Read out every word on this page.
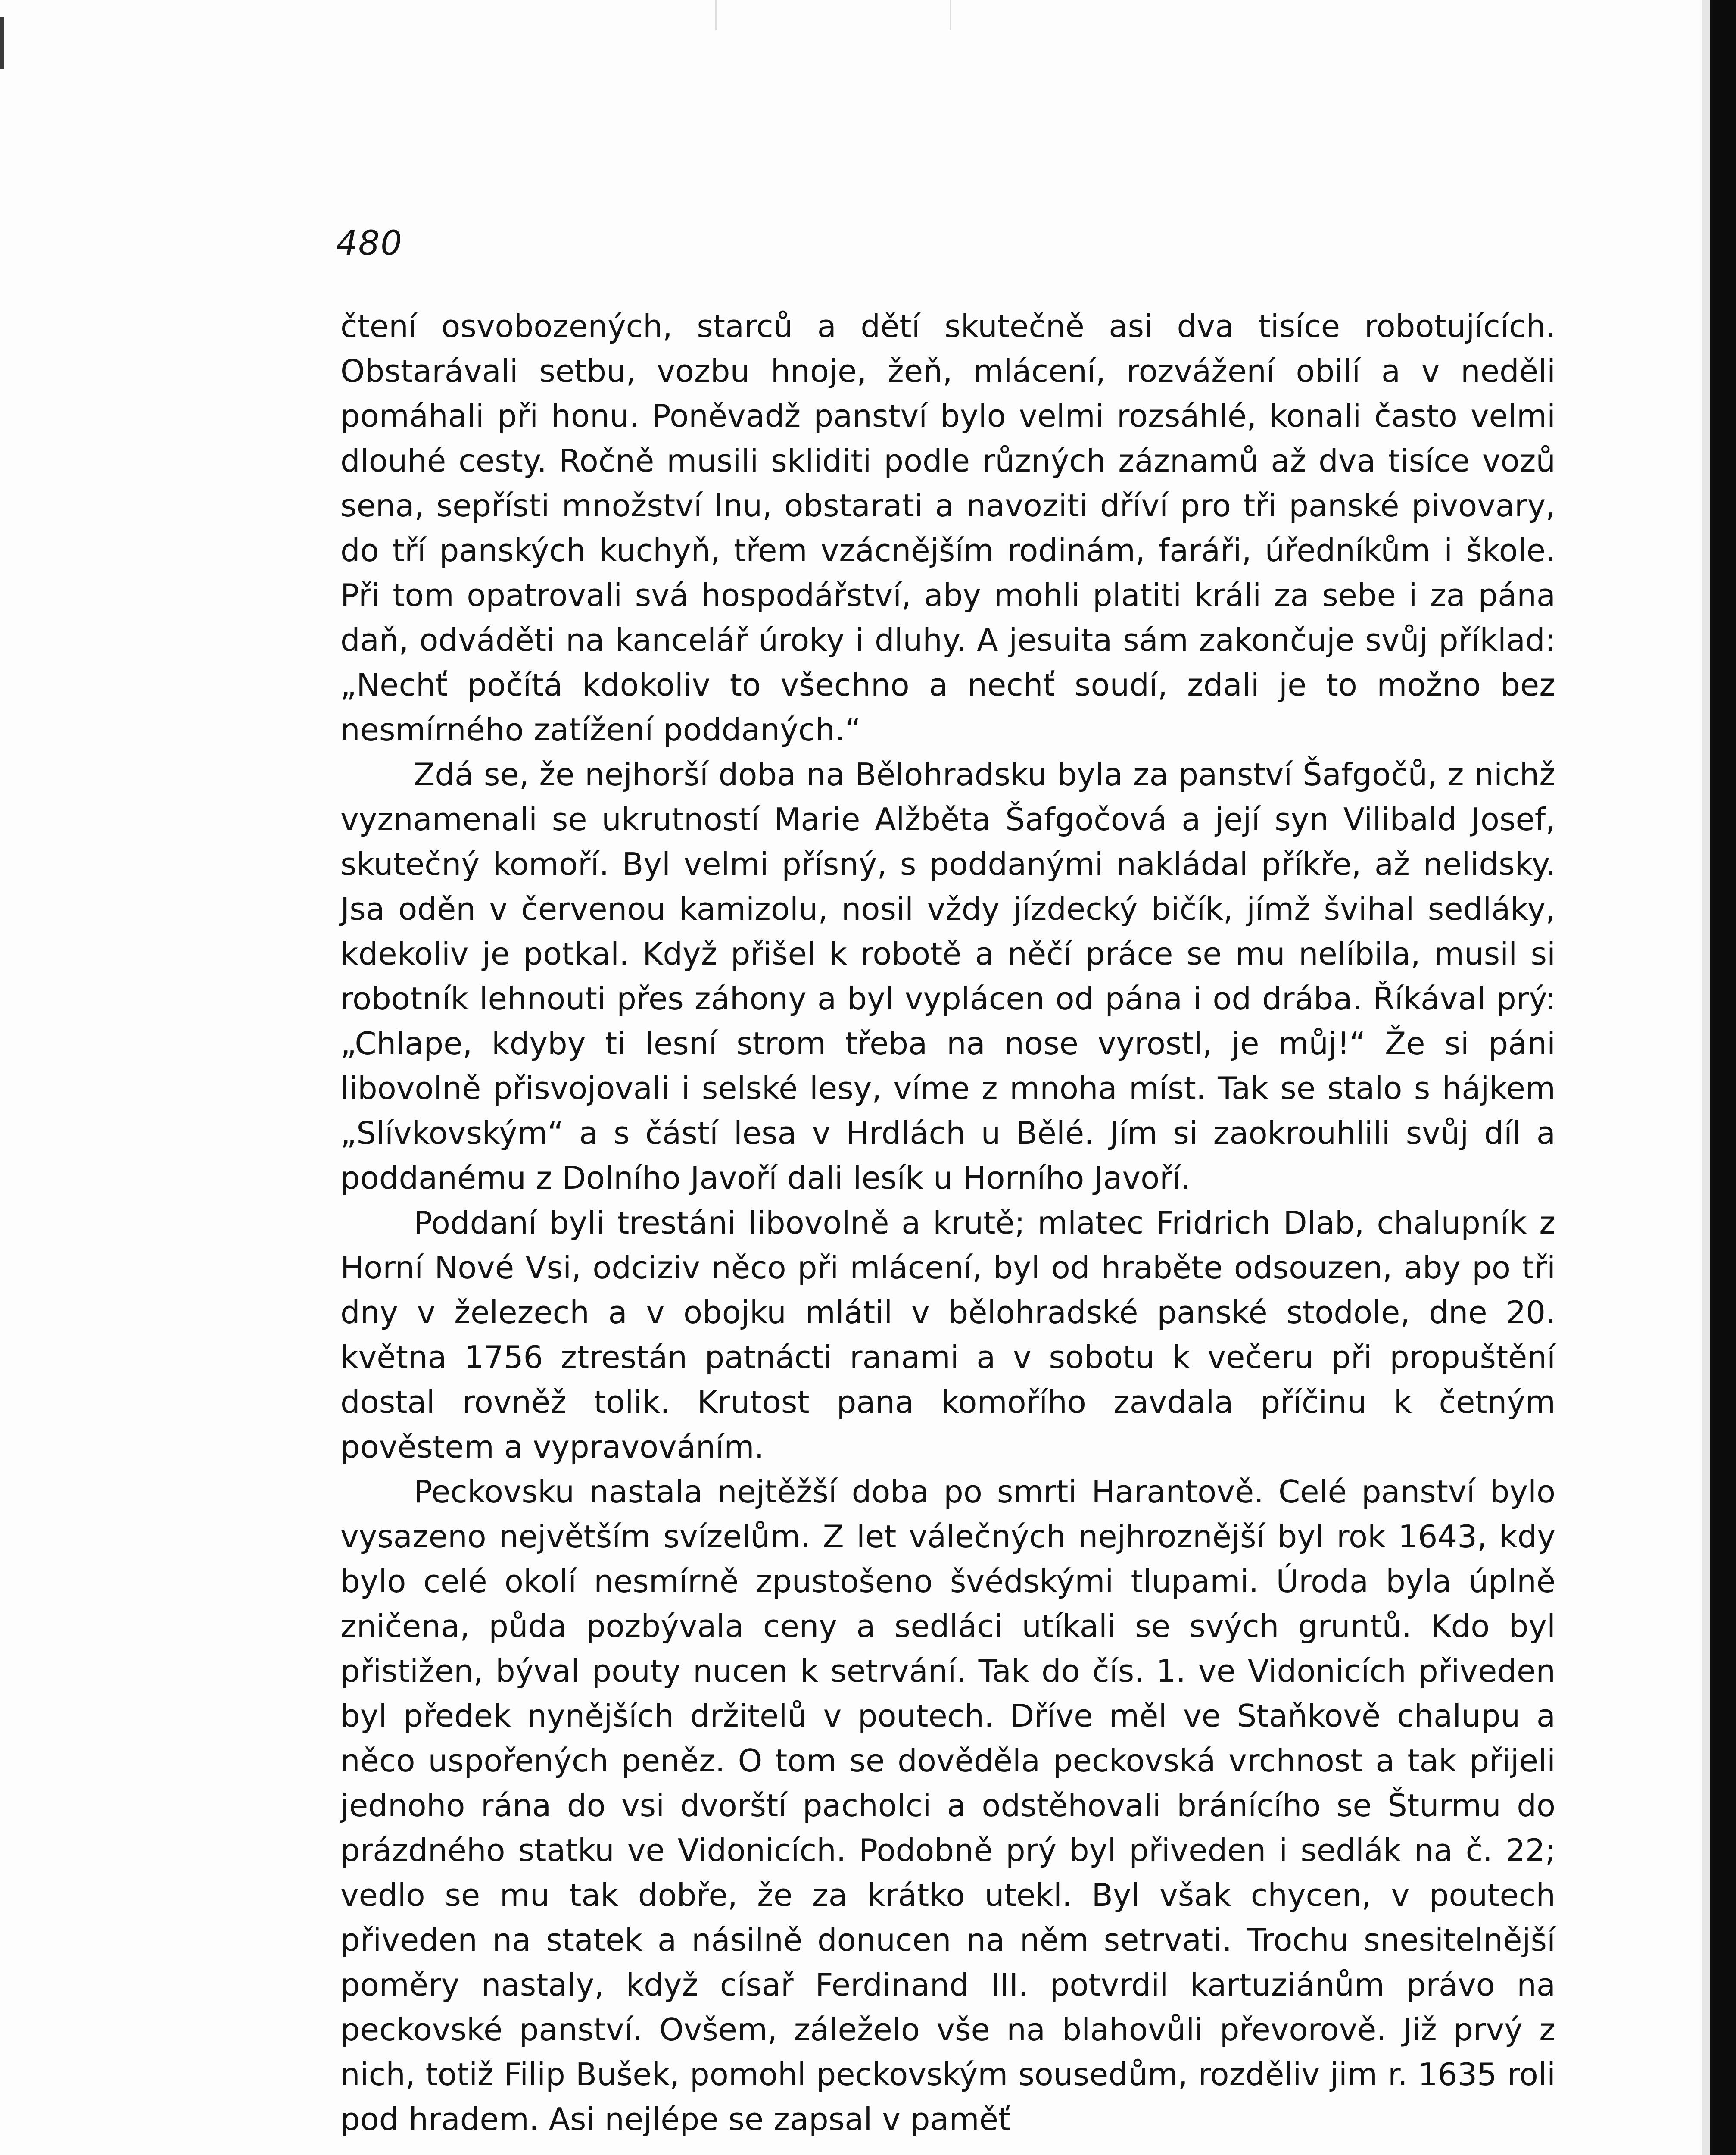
480

čtení osvobozených, starců a dětí skutečně asi dva tisíce robotujících. Obstarávali setbu, vozbu hnoje, žeň, mlácení, rozvážení obilí a v neděli pomáhali při honu. Poněvadž panství bylo velmi rozsáhlé, konali často velmi dlouhé cesty. Ročně musili skliditi podle různých záznamů až dva tisíce vozů sena, sepřísti množství lnu, obstarati a navoziti dříví pro tři panské pivovary, do tří panských kuchyň, třem vzácnějším rodinám, faráři, úředníkům i škole. Při tom opatrovali svá hospodářství, aby mohli platiti králi za sebe i za pána daň, odváděti na kancelář úroky i dluhy. A jesuita sám zakončuje svůj příklad: „Nechť počítá kdokoliv to všechno a nechť soudí, zdali je to možno bez nesmírného zatížení poddaných.“

Zdá se, že nejhorší doba na Bělohradsku byla za panství Šafgočů, z nichž vyznamenali se ukrutností Marie Alžběta Šafgočová a její syn Vilibald Josef, skutečný komoří. Byl velmi přísný, s poddanými nakládal příkře, až nelidsky. Jsa oděn v červenou kamizolu, nosil vždy jízdecký bičík, jímž švihal sedláky, kdekoliv je potkal. Když přišel k robotě a něčí práce se mu nelíbila, musil si robotník lehnouti přes záhony a byl vyplácen od pána i od drába. Říkával prý: „Chlape, kdyby ti lesní strom třeba na nose vyrostl, je můj!“ Že si páni libovolně přisvojovali i selské lesy, víme z mnoha míst. Tak se stalo s hájkem „Slívkovským“ a s částí lesa v Hrdlách u Bělé. Jím si zaokrouhlili svůj díl a poddanému z Dolního Javoří dali lesík u Horního Javoří.

Poddaní byli trestáni libovolně a krutě; mlatec Fridrich Dlab, chalupník z Horní Nové Vsi, odciziv něco při mlácení, byl od hraběte odsouzen, aby po tři dny v železech a v obojku mlátil v bělohradské panské stodole, dne 20. května 1756 ztrestán patnácti ranami a v sobotu k večeru při propuštění dostal rovněž tolik. Krutost pana komořího zavdala příčinu k četným pověstem a vypravováním.

Peckovsku nastala nejtěžší doba po smrti Harantově. Celé panství bylo vysazeno největším svízelům. Z let válečných nejhroznější byl rok 1643, kdy bylo celé okolí nesmírně zpustošeno švédskými tlupami. Úroda byla úplně zničena, půda pozbývala ceny a sedláci utíkali se svých gruntů. Kdo byl přistižen, býval pouty nucen k setrvání. Tak do čís. 1. ve Vidonicích přiveden byl předek nynějších držitelů v poutech. Dříve měl ve Staňkově chalupu a něco uspořených peněz. O tom se dověděla peckovská vrchnost a tak přijeli jednoho rána do vsi dvorští pacholci a odstěhovali bránícího se Šturmu do prázdného statku ve Vidonicích. Podobně prý byl přiveden i sedlák na č. 22; vedlo se mu tak dobře, že za krátko utekl. Byl však chycen, v poutech přiveden na statek a násilně donucen na něm setrvati. Trochu snesitelnější poměry nastaly, když císař Ferdinand III. potvrdil kartuziánům právo na peckovské panství. Ovšem, záleželo vše na blahovůli převorově. Již prvý z nich, totiž Filip Bušek, pomohl peckovským sousedům, rozděliv jim r. 1635 roli pod hradem. Asi nejlépe se zapsal v paměť
